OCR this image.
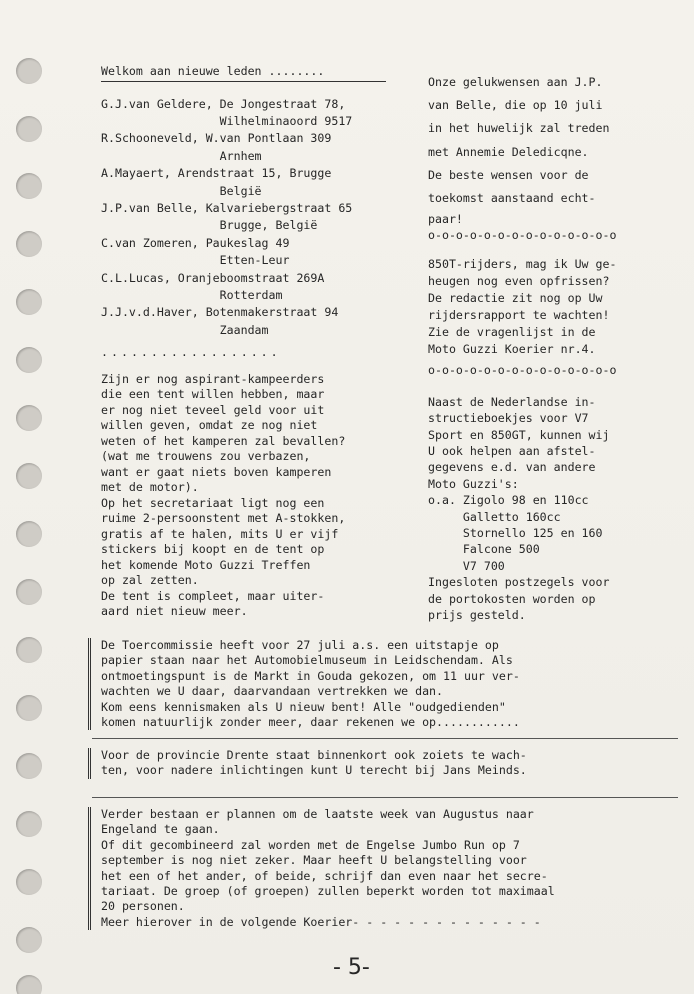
Welkom aan nieuwe leden ........
G.J.van Geldere, De Jongestraat 78,
Wilhelminaoord 9517
R.Schooneveld, W.van Pontlaan 309
Arnhem
A.Mayaert, Arendstraat 15, Brugge
België
J.P.van Belle, Kalvariebergstraat 65
Brugge, België
C.van Zomeren, Paukeslag 49
Etten-Leur
C.L.Lucas, Oranjeboomstraat 269A
Rotterdam
J.J.v.d.Haver, Botenmakerstraat 94
Zaandam
..................
Zijn er nog aspirant-kampeerders
die een tent willen hebben, maar
er nog niet teveel geld voor uit
willen geven, omdat ze nog niet
weten of het kamperen zal bevallen?
(wat me trouwens zou verbazen,
want er gaat niets boven kamperen
met de motor).
Op het secretariaat ligt nog een
ruime 2-persoonstent met A-stokken,
gratis af te halen, mits U er vijf
stickers bij koopt en de tent op
het komende Moto Guzzi Treffen
op zal zetten.
De tent is compleet, maar uiter-
aard niet nieuw meer.
Onze gelukwensen aan J.P.
van Belle, die op 10 juli
in het huwelijk zal treden
met Annemie Deledicqne.
De beste wensen voor de
toekomst aanstaand echt-
paar!
o-o-o-o-o-o-o-o-o-o-o-o-o-o
850T-rijders, mag ik Uw ge-
heugen nog even opfrissen?
De redactie zit nog op Uw
rijdersrapport te wachten!
Zie de vragenlijst in de
Moto Guzzi Koerier nr.4.
o-o-o-o-o-o-o-o-o-o-o-o-o-o
Naast de Nederlandse in-
structieboekjes voor V7
Sport en 850GT, kunnen wij
U ook helpen aan afstel-
gegevens e.d. van andere
Moto Guzzi's:
o.a. Zigolo 98 en 110cc
Galletto 160cc
Stornello 125 en 160
Falcone 500
V7 700
Ingesloten postzegels voor
de portokosten worden op
prijs gesteld.
De Toercommissie heeft voor 27 juli a.s. een uitstapje op
papier staan naar het Automobielmuseum in Leidschendam. Als
ontmoetingspunt is de Markt in Gouda gekozen, om 11 uur ver-
wachten we U daar, daarvandaan vertrekken we dan.
Kom eens kennismaken als U nieuw bent! Alle "oudgedienden"
komen natuurlijk zonder meer, daar rekenen we op............
Voor de provincie Drente staat binnenkort ook zoiets te wach-
ten, voor nadere inlichtingen kunt U terecht bij Jans Meinds.
Verder bestaan er plannen om de laatste week van Augustus naar
Engeland te gaan.
Of dit gecombineerd zal worden met de Engelse Jumbo Run op 7
september is nog niet zeker. Maar heeft U belangstelling voor
het een of het ander, of beide, schrijf dan even naar het secre-
tariaat. De groep (of groepen) zullen beperkt worden tot maximaal
20 personen.
Meer hierover in de volgende Koerier- - - - - - - - - - - - - -
- 5-
